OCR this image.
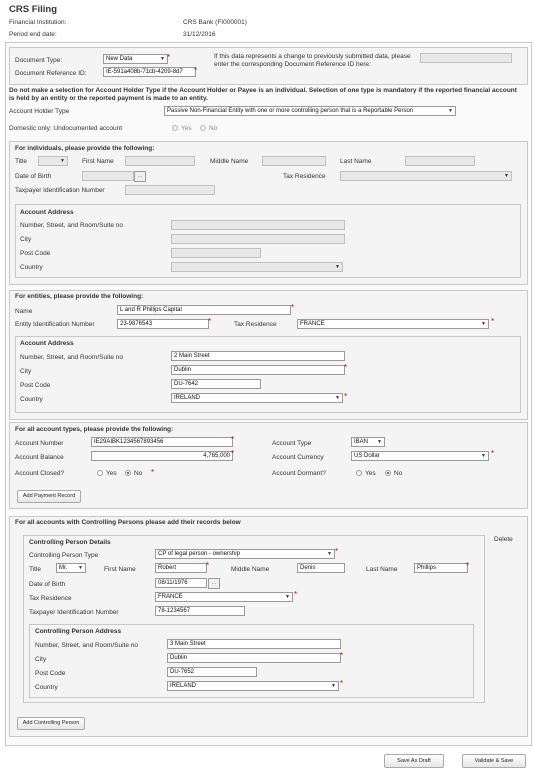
CRS Filing
Financial Institution:	CRS Bank (FI000001)
Period end date:	31/12/2016
Document Type:	New Data	▼ *
Document Reference ID:	IE-591a408b-71cb-4209-8d7	*
If this data represents a change to previously submitted data, please enter the corresponding Document Reference ID here:
Do not make a selection for Account Holder Type if the Account Holder or Payee is an individual. Selection of one type is mandatory if the reported financial account is held by an entity or the reported payment is made to an entity.
Account Holder Type	Passive Non-Financial Entity with one or more controlling person that is a Reportable Person	▼
Domestic only: Undocumented account	Yes	No
For individuals, please provide the following:
Title	▼	First Name	Middle Name	Last Name
Date of Birth	…	Tax Residence	▼
Taxpayer Identification Number
Account Address
Number, Street, and Room/Suite no
City
Post Code
Country	▼
For entities, please provide the following:
Name	L and R Phillips Capital	*
Entity Identification Number	23-9876543	*	Tax Residence	FRANCE	▼ *
Account Address
Number, Street, and Room/Suite no	2 Main Street
City	Dublin	*
Post Code	DU-7642
Country	IRELAND	▼ *
For all account types, please provide the following:
Account Number	IE29AIBK1234567893456	*	Account Type	IBAN ▼
Account Balance	4,765,000 *	Account Currency	US Dollar	▼ *
Account Closed?	Yes	No *	Account Dormant?	Yes	No
Add Payment Record
For all accounts with Controlling Persons please add their records below
Delete
Controlling Person Details
Controlling Person Type	CP of legal person - ownership	▼ *
Title	Mr. ▼	First Name	Robert	*	Middle Name	Denis	Last Name	Phillips	*
Date of Birth	08/11/1976	…
Tax Residence	FRANCE	▼ *
Taxpayer Identification Number	78-1234567
Controlling Person Address
Number, Street, and Room/Suite no	3 Main Street
City	Dublin	*
Post Code	DU-7652
Country	IRELAND	▼ *
Add Controlling Person
Save As Draft	Validate & Save
